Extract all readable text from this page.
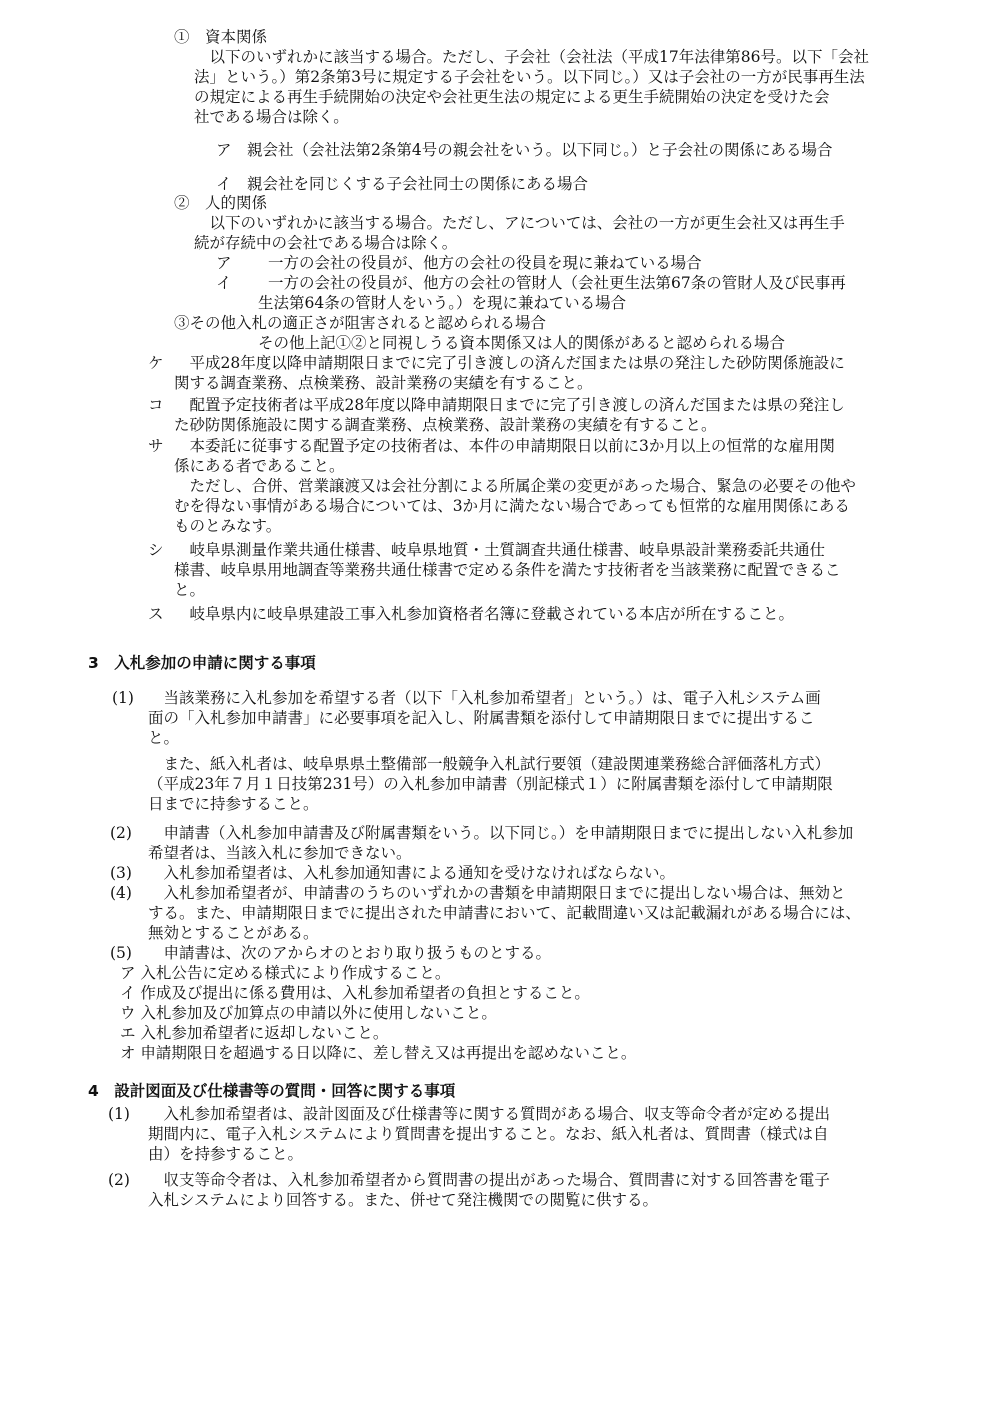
①　資本関係
　以下のいずれかに該当する場合。ただし、子会社（会社法（平成17年法律第86号。以下「会社
法」という。）第2条第3号に規定する子会社をいう。以下同じ。）又は子会社の一方が民事再生法
の規定による再生手続開始の決定や会社更生法の規定による更生手続開始の決定を受けた会
社である場合は除く。
ア　親会社（会社法第2条第4号の親会社をいう。以下同じ。）と子会社の関係にある場合
イ　親会社を同じくする子会社同士の関係にある場合
②　人的関係
　以下のいずれかに該当する場合。ただし、アについては、会社の一方が更生会社又は再生手
続が存続中の会社である場合は除く。
ア 一方の会社の役員が、他方の会社の役員を現に兼ねている場合
イ 一方の会社の役員が、他方の会社の管財人（会社更生法第67条の管財人及び民事再
生法第64条の管財人をいう。）を現に兼ねている場合
③その他入札の適正さが阻害されると認められる場合
その他上記①②と同視しうる資本関係又は人的関係があると認められる場合
ケ 　平成28年度以降申請期限日までに完了引き渡しの済んだ国または県の発注した砂防関係施設に
関する調査業務、点検業務、設計業務の実績を有すること。
コ 　配置予定技術者は平成28年度以降申請期限日までに完了引き渡しの済んだ国または県の発注し
た砂防関係施設に関する調査業務、点検業務、設計業務の実績を有すること。
サ 　本委託に従事する配置予定の技術者は、本件の申請期限日以前に3か月以上の恒常的な雇用関
係にある者であること。
　ただし、合併、営業譲渡又は会社分割による所属企業の変更があった場合、緊急の必要その他や
むを得ない事情がある場合については、3か月に満たない場合であっても恒常的な雇用関係にある
ものとみなす。
シ 　岐阜県測量作業共通仕様書、岐阜県地質・土質調査共通仕様書、岐阜県設計業務委託共通仕
様書、岐阜県用地調査等業務共通仕様書で定める条件を満たす技術者を当該業務に配置できるこ
と。
ス 　岐阜県内に岐阜県建設工事入札参加資格者名簿に登載されている本店が所在すること。
3　入札参加の申請に関する事項
(1) 　当該業務に入札参加を希望する者（以下「入札参加希望者」という。）は、電子入札システム画
面の「入札参加申請書」に必要事項を記入し、附属書類を添付して申請期限日までに提出するこ
と。
　また、紙入札者は、岐阜県県土整備部一般競争入札試行要領（建設関連業務総合評価落札方式）
（平成23年７月１日技第231号）の入札参加申請書（別記様式１）に附属書類を添付して申請期限
日までに持参すること。
(2) 　申請書（入札参加申請書及び附属書類をいう。以下同じ。）を申請期限日までに提出しない入札参加
希望者は、当該入札に参加できない。
(3) 　入札参加希望者は、入札参加通知書による通知を受けなければならない。
(4) 　入札参加希望者が、申請書のうちのいずれかの書類を申請期限日までに提出しない場合は、無効と
する。また、申請期限日までに提出された申請書において、記載間違い又は記載漏れがある場合には、
無効とすることがある。
(5) 　申請書は、次のアからオのとおり取り扱うものとする。
ア 入札公告に定める様式により作成すること。
イ 作成及び提出に係る費用は、入札参加希望者の負担とすること。
ウ 入札参加及び加算点の申請以外に使用しないこと。
エ 入札参加希望者に返却しないこと。
オ 申請期限日を超過する日以降に、差し替え又は再提出を認めないこと。
4　設計図面及び仕様書等の質問・回答に関する事項
(1) 　入札参加希望者は、設計図面及び仕様書等に関する質問がある場合、収支等命令者が定める提出
期間内に、電子入札システムにより質問書を提出すること。なお、紙入札者は、質問書（様式は自
由）を持参すること。
(2) 　収支等命令者は、入札参加希望者から質問書の提出があった場合、質問書に対する回答書を電子
入札システムにより回答する。また、併せて発注機関での閲覧に供する。
